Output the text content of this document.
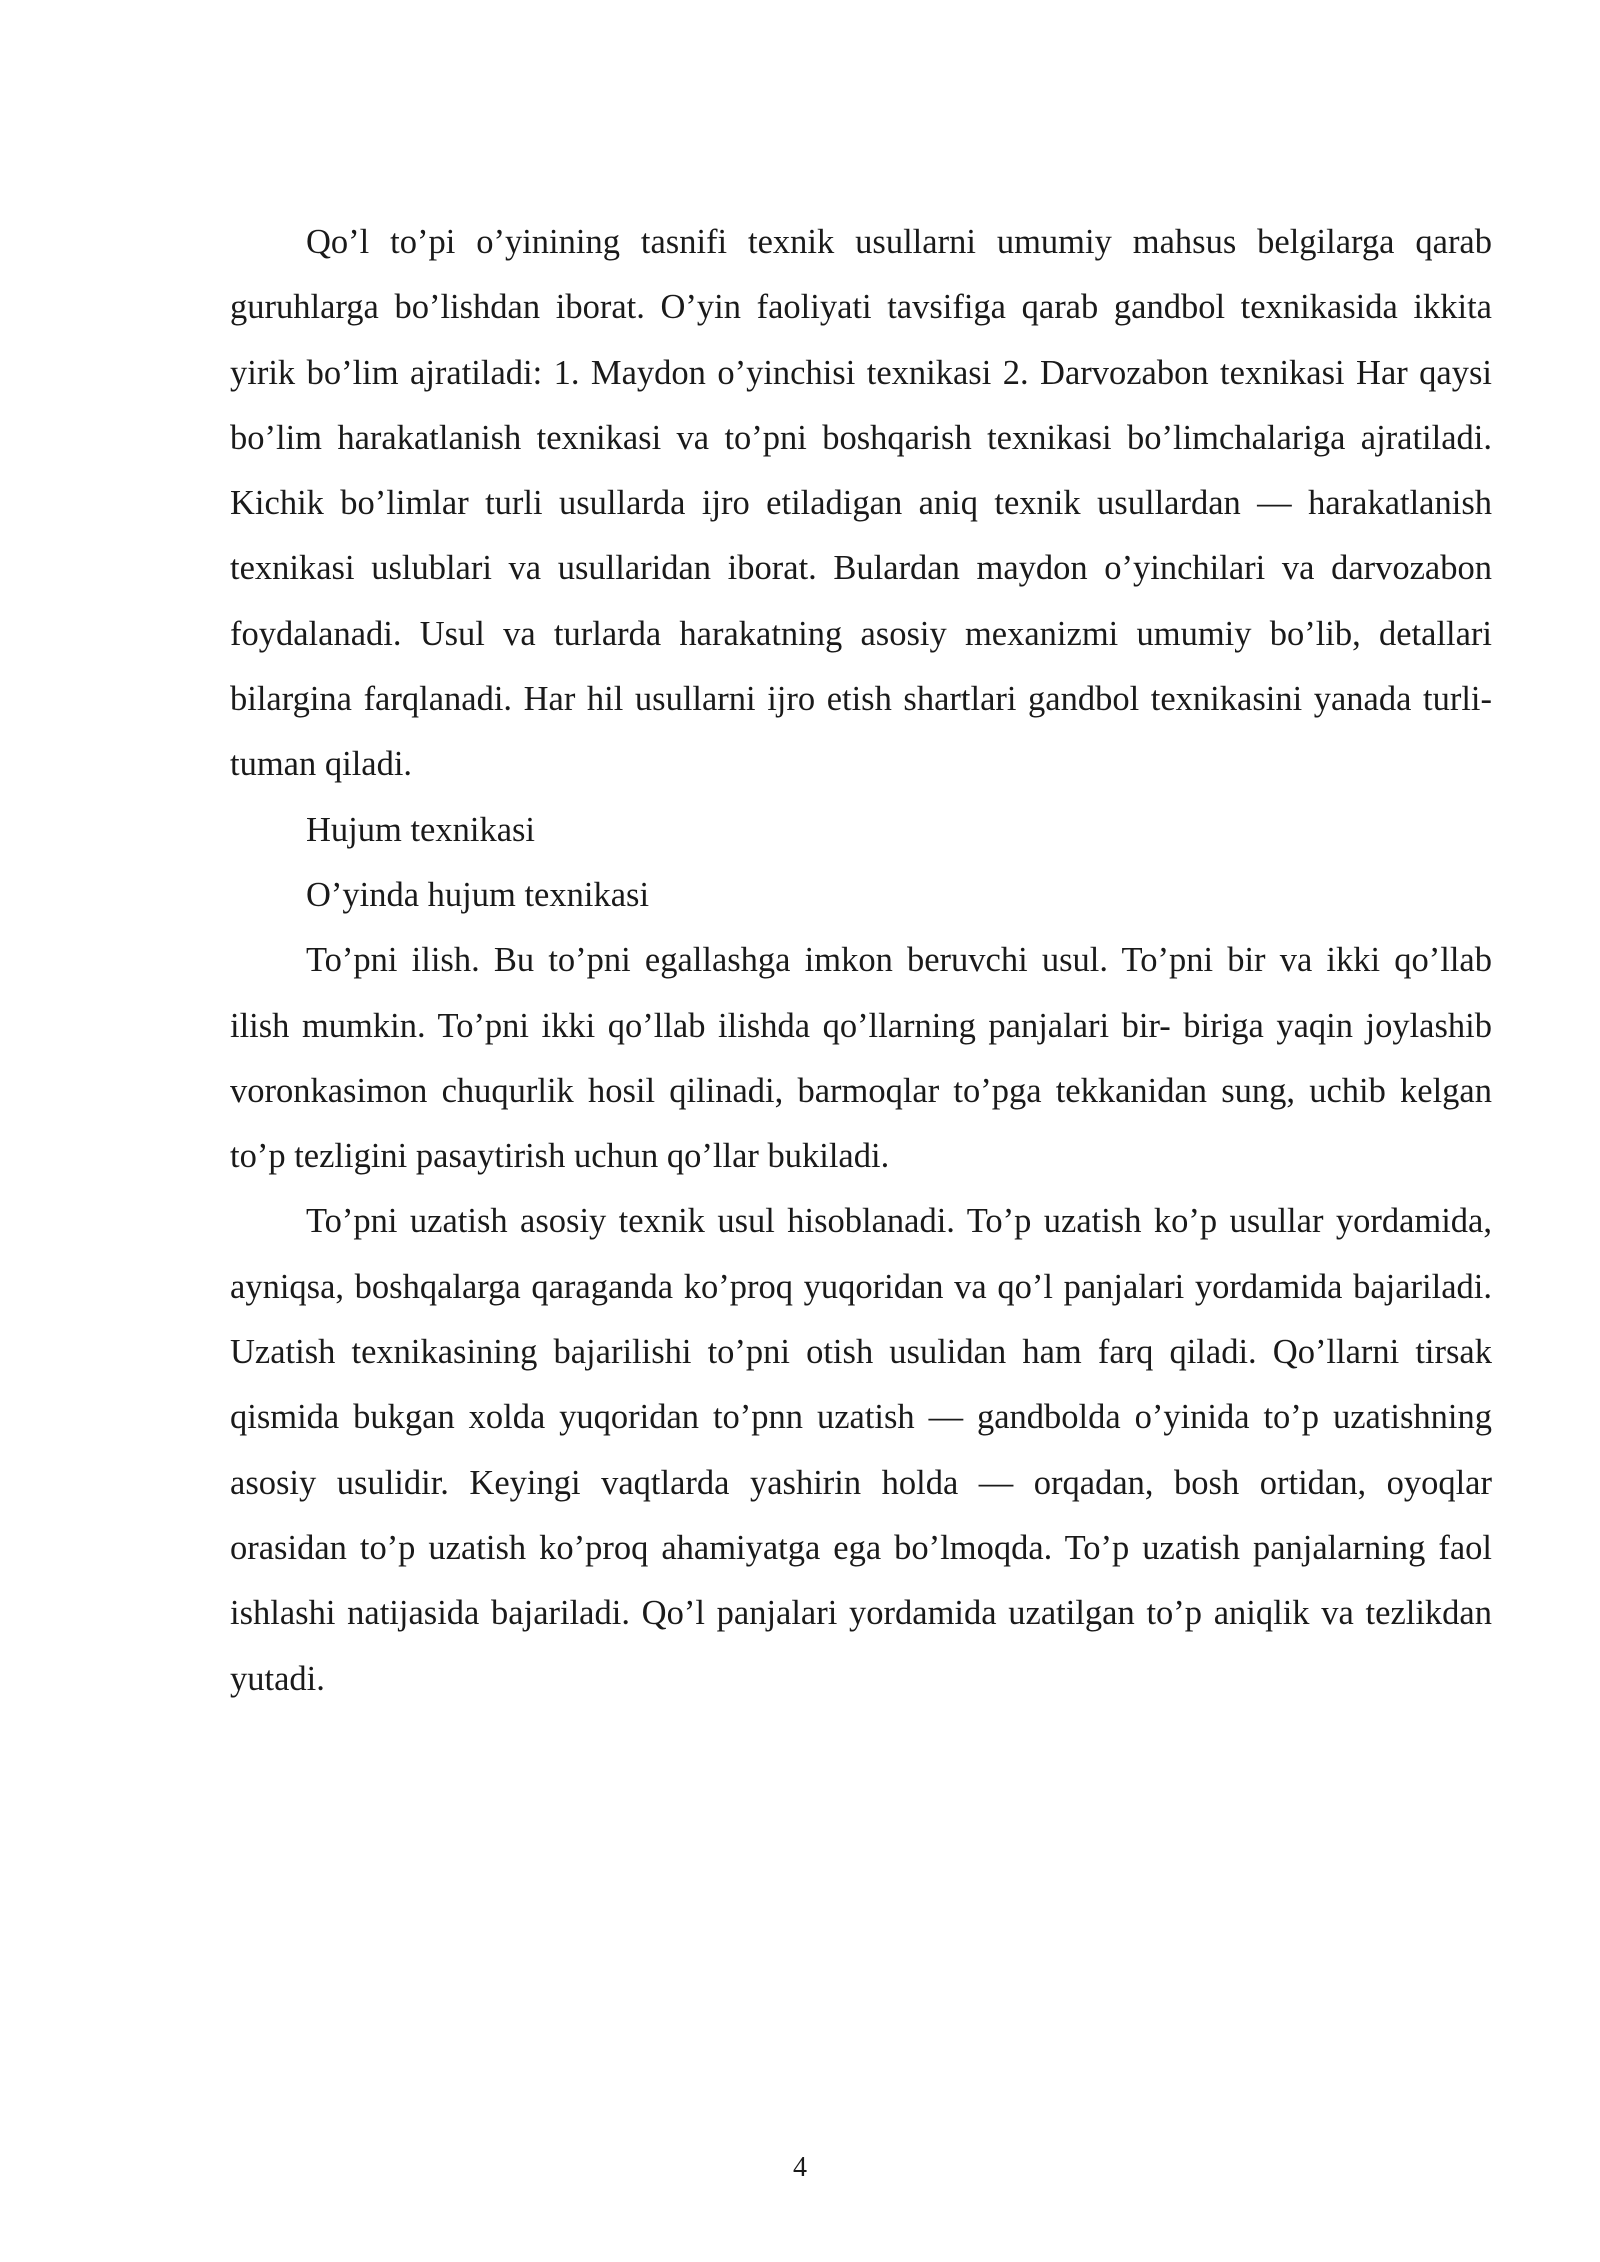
Qo’l to’pi o’yinining tasnifi texnik usullarni umumiy mahsus belgilarga qarab guruhlarga bo’lishdan iborat. O’yin faoliyati tavsifiga qarab gandbol texnikasida ikkita yirik bo’lim ajratiladi: 1. Maydon o’yinchisi texnikasi 2. Darvozabon texnikasi Har qaysi bo’lim harakatlanish texnikasi va to’pni boshqarish texnikasi bo’limchalariga ajratiladi. Kichik bo’limlar turli usullarda ijro etiladigan aniq texnik usullardan — harakatlanish texnikasi uslublari va usullaridan iborat. Bulardan maydon o’yinchilari va darvozabon foydalanadi. Usul va turlarda harakatning asosiy mexanizmi umumiy bo’lib, detallari bilargina farqlanadi. Har hil usullarni ijro etish shartlari gandbol texnikasini yanada turli-tuman qiladi.

Hujum texnikasi

O’yinda hujum texnikasi

To’pni ilish. Bu to’pni egallashga imkon beruvchi usul. To’pni bir va ikki qo’llab ilish mumkin. To’pni ikki qo’llab ilishda qo’llarning panjalari bir- biriga yaqin joylashib voronkasimon chuqurlik hosil qilinadi, barmoqlar to’pga tekkanidan sung, uchib kelgan to’p tezligini pasaytirish uchun qo’llar bukiladi.

To’pni uzatish asosiy texnik usul hisoblanadi. To’p uzatish ko’p usullar yordamida, ayniqsa, boshqalarga qaraganda ko’proq yuqoridan va qo’l panjalari yordamida bajariladi. Uzatish texnikasining bajarilishi to’pni otish usulidan ham farq qiladi. Qo’llarni tirsak qismida bukgan xolda yuqoridan to’pnn uzatish — gandbolda o’yinida to’p uzatishning asosiy usulidir. Keyingi vaqtlarda yashirin holda — orqadan, bosh ortidan, oyoqlar orasidan to’p uzatish ko’proq ahamiyatga ega bo’lmoqda. To’p uzatish panjalarning faol ishlashi natijasida bajariladi. Qo’l panjalari yordamida uzatilgan to’p aniqlik va tezlikdan yutadi.

4
